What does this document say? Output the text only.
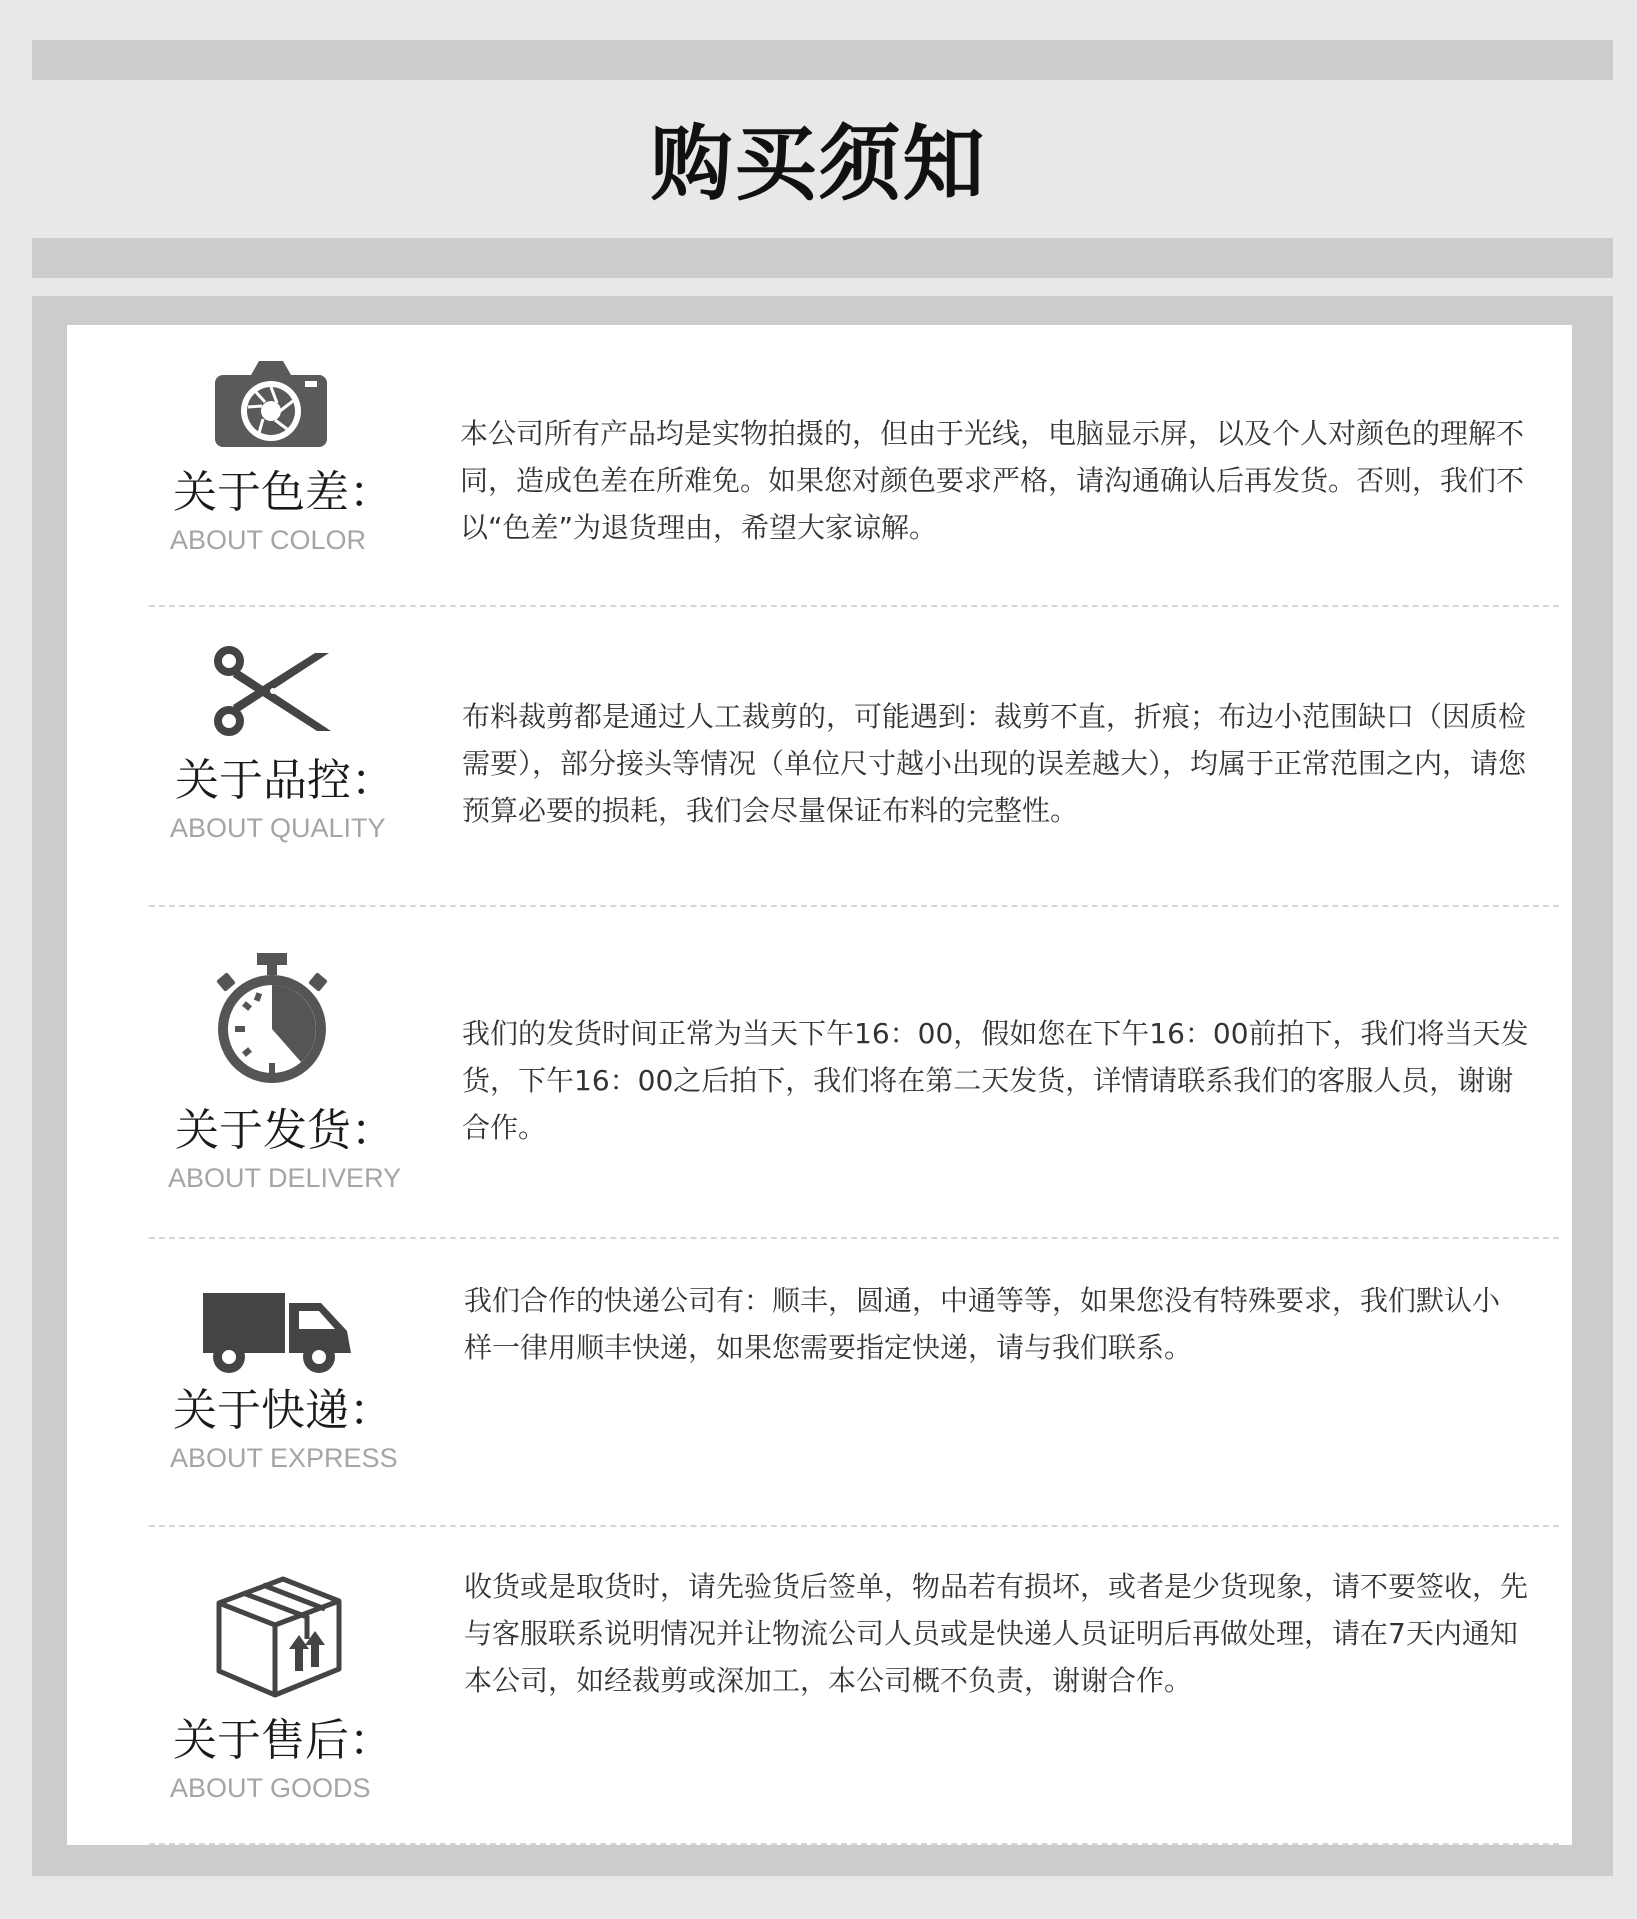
购买须知
关于色差：
ABOUT COLOR
本公司所有产品均是实物拍摄的，但由于光线，电脑显示屏，以及个人对颜色的理解不同，造成色差在所难免。如果您对颜色要求严格，请沟通确认后再发货。否则，我们不以“色差”为退货理由，希望大家谅解。
关于品控：
ABOUT QUALITY
布料裁剪都是通过人工裁剪的，可能遇到：裁剪不直，折痕；布边小范围缺口（因质检需要），部分接头等情况（单位尺寸越小出现的误差越大），均属于正常范围之内，请您预算必要的损耗，我们会尽量保证布料的完整性。
关于发货：
ABOUT DELIVERY
我们的发货时间正常为当天下午16：00，假如您在下午16：00前拍下，我们将当天发货，下午16：00之后拍下，我们将在第二天发货，详情请联系我们的客服人员，谢谢合作。
关于快递：
ABOUT EXPRESS
我们合作的快递公司有：顺丰，圆通，中通等等，如果您没有特殊要求，我们默认小样一律用顺丰快递，如果您需要指定快递，请与我们联系。
关于售后：
ABOUT GOODS
收货或是取货时，请先验货后签单，物品若有损坏，或者是少货现象，请不要签收，先与客服联系说明情况并让物流公司人员或是快递人员证明后再做处理，请在7天内通知本公司，如经裁剪或深加工，本公司概不负责，谢谢合作。
